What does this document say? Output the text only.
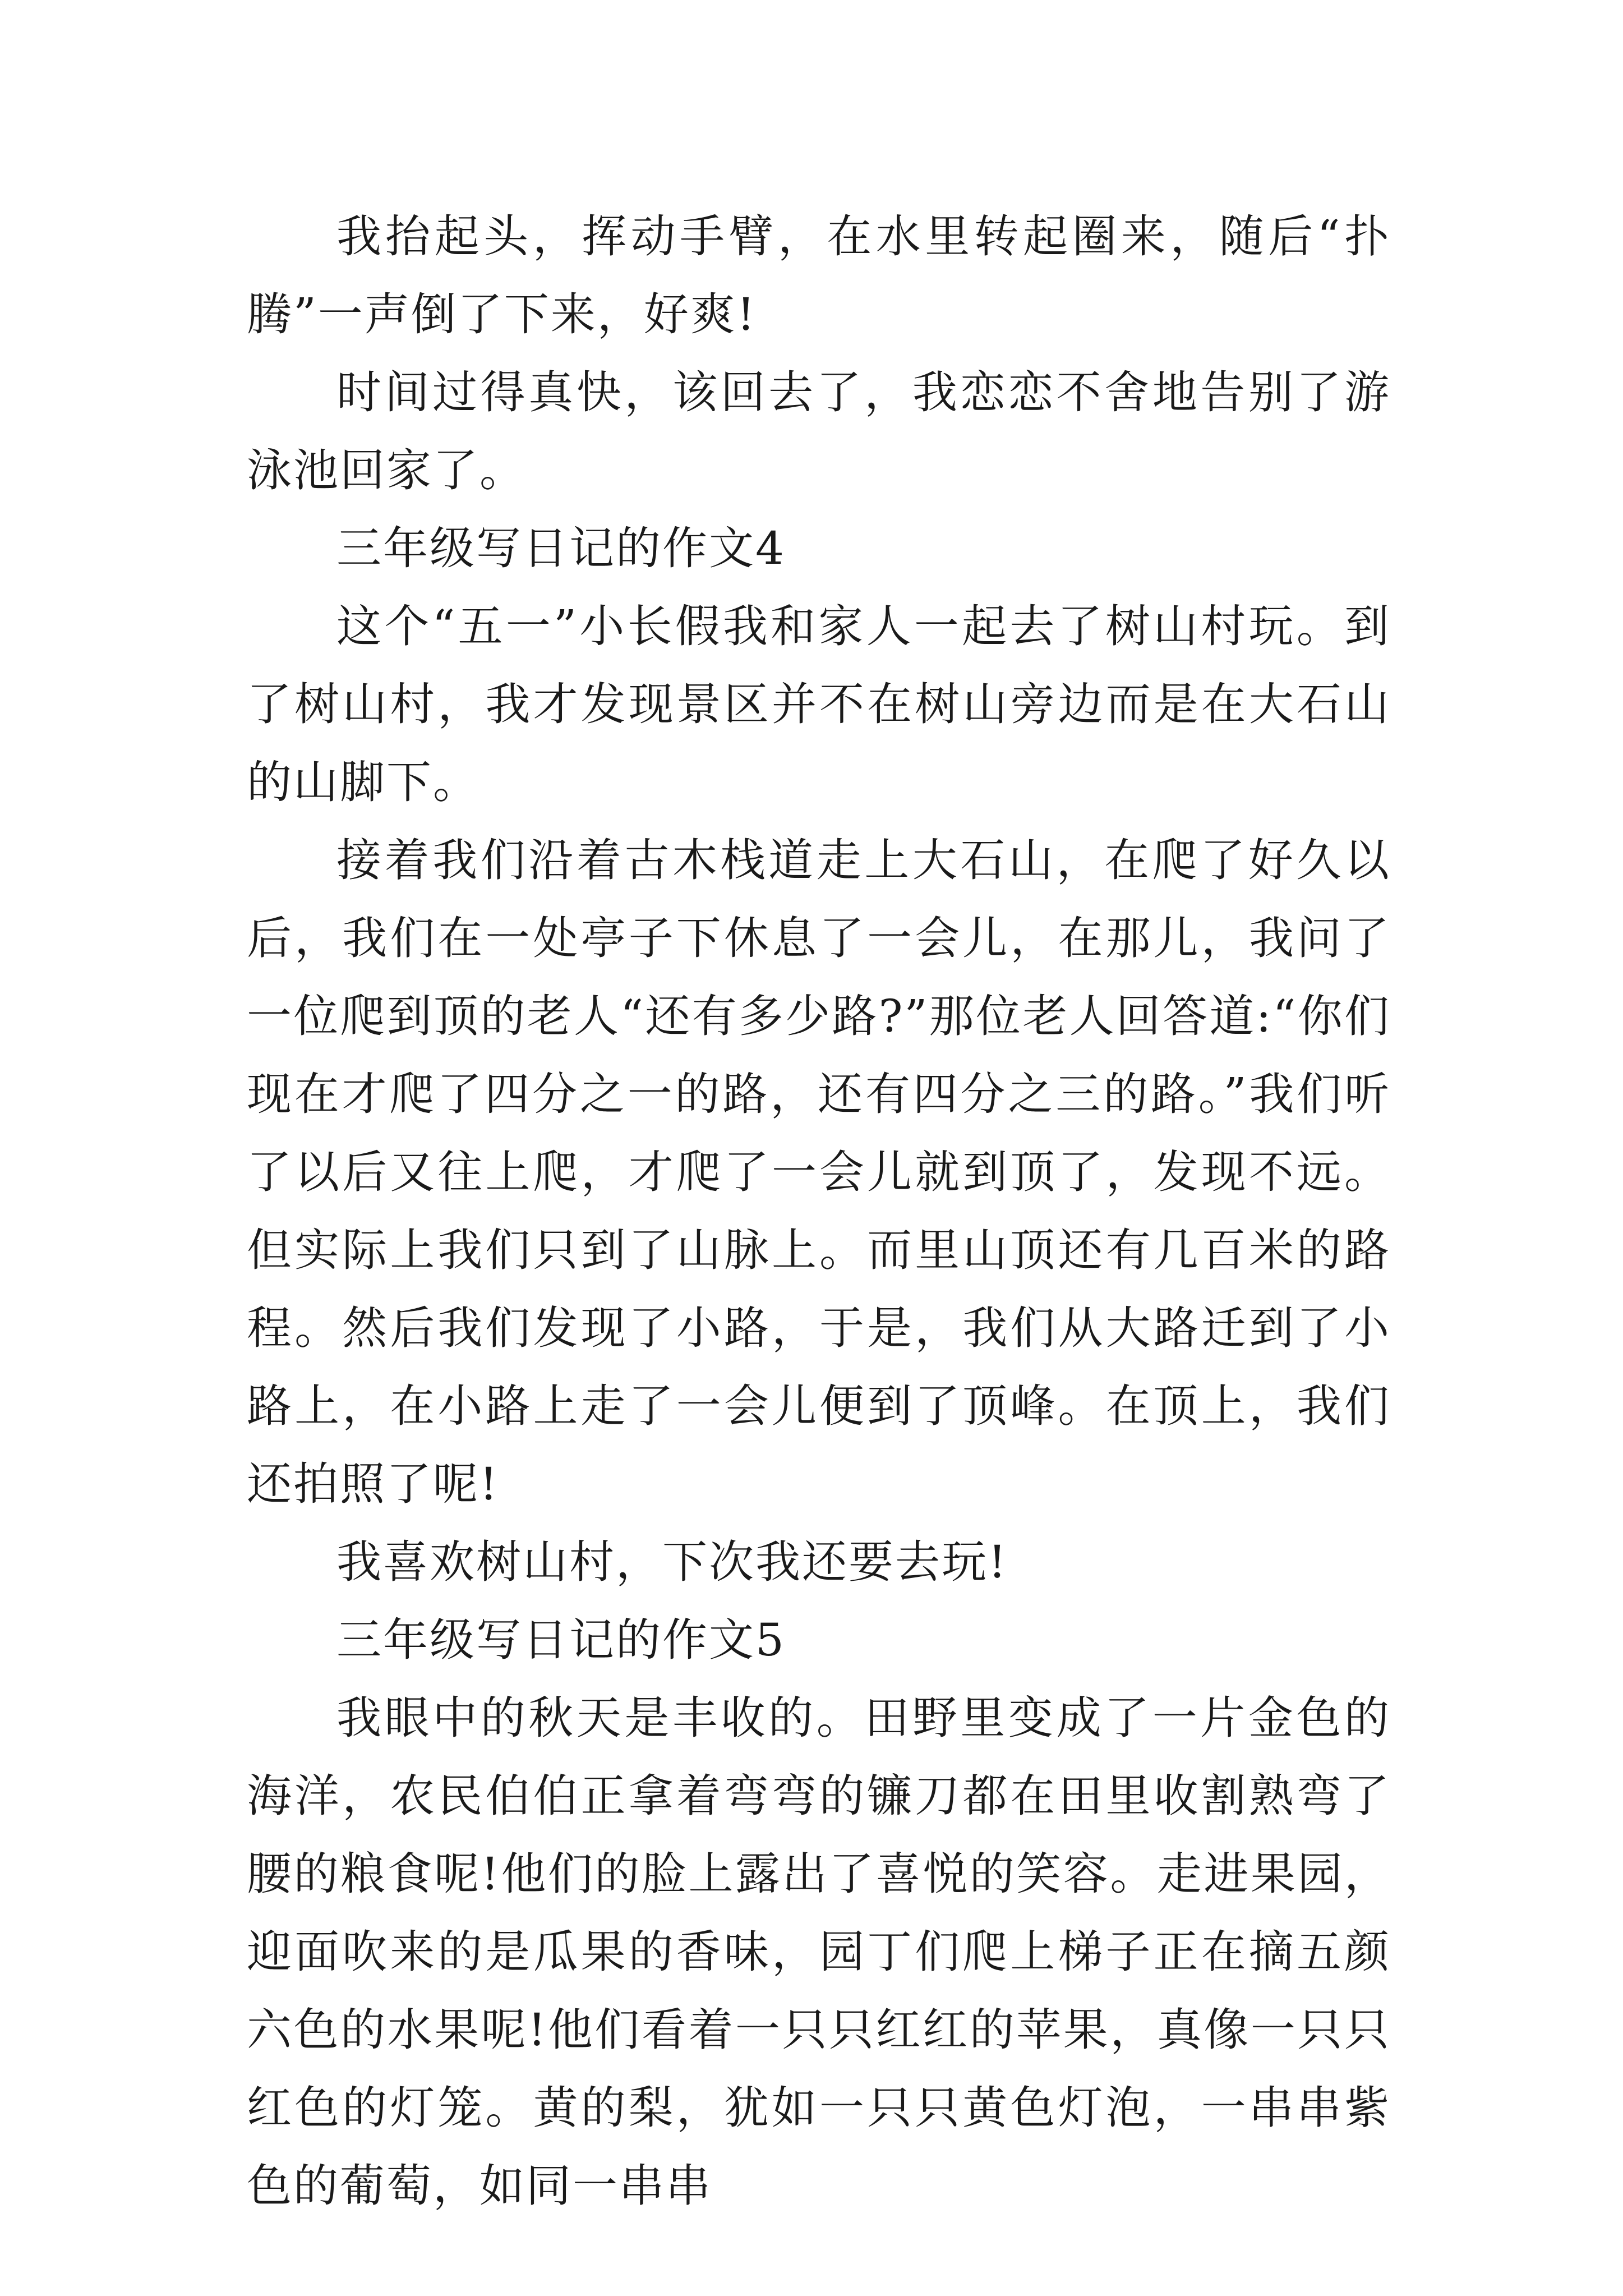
我抬起头，挥动手臂，在水里转起圈来，随后“扑腾”一声倒了下来，好爽!

时间过得真快，该回去了，我恋恋不舍地告别了游泳池回家了。

三年级写日记的作文4

这个“五一”小长假我和家人一起去了树山村玩。到了树山村，我才发现景区并不在树山旁边而是在大石山的山脚下。

接着我们沿着古木栈道走上大石山，在爬了好久以后，我们在一处亭子下休息了一会儿，在那儿，我问了一位爬到顶的老人“还有多少路?”那位老人回答道:“你们现在才爬了四分之一的路，还有四分之三的路。”我们听了以后又往上爬，才爬了一会儿就到顶了，发现不远。但实际上我们只到了山脉上。而里山顶还有几百米的路程。然后我们发现了小路，于是，我们从大路迁到了小路上，在小路上走了一会儿便到了顶峰。在顶上，我们还拍照了呢!

我喜欢树山村，下次我还要去玩!

三年级写日记的作文5

我眼中的秋天是丰收的。田野里变成了一片金色的海洋，农民伯伯正拿着弯弯的镰刀都在田里收割熟弯了腰的粮食呢!他们的脸上露出了喜悦的笑容。走进果园，迎面吹来的是瓜果的香味，园丁们爬上梯子正在摘五颜六色的水果呢!他们看着一只只红红的苹果，真像一只只红色的灯笼。黄的梨，犹如一只只黄色灯泡，一串串紫色的葡萄，如同一串串
